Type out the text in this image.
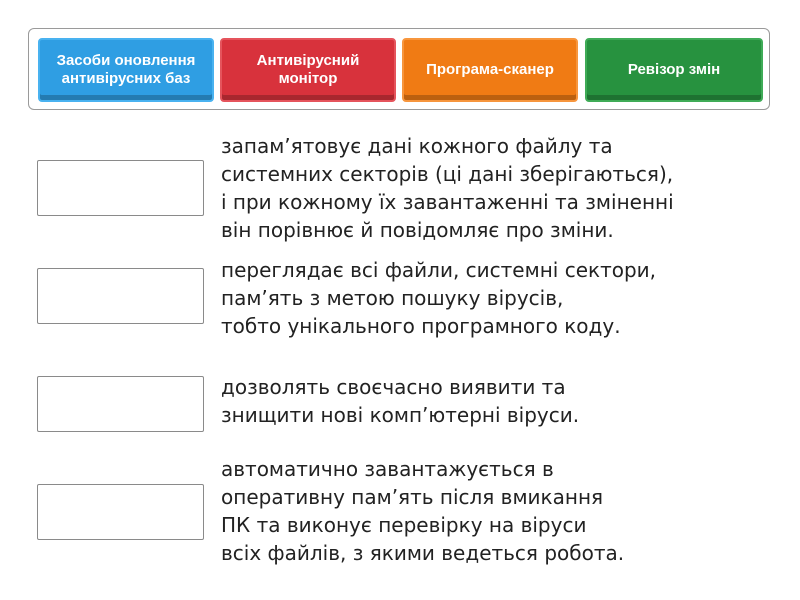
Засоби оновлення антивірусних баз
Антивірусний монітор
Програма-сканер	Ревізор змін
запам’ятовує дані кожного файлу та
системних секторів (ці дані зберігаються),
і при кожному їх завантаженні та зміненні
він порівнює й повідомляє про зміни.
переглядає всі файли, системні сектори,
пам’ять з метою пошуку вірусів,
тобто унікального програмного коду.
дозволять своєчасно виявити та
знищити нові комп’ютерні віруси.
автоматично завантажується в
оперативну пам’ять після вмикання
ПК та виконує перевірку на віруси
всіх файлів, з якими ведеться робота.
